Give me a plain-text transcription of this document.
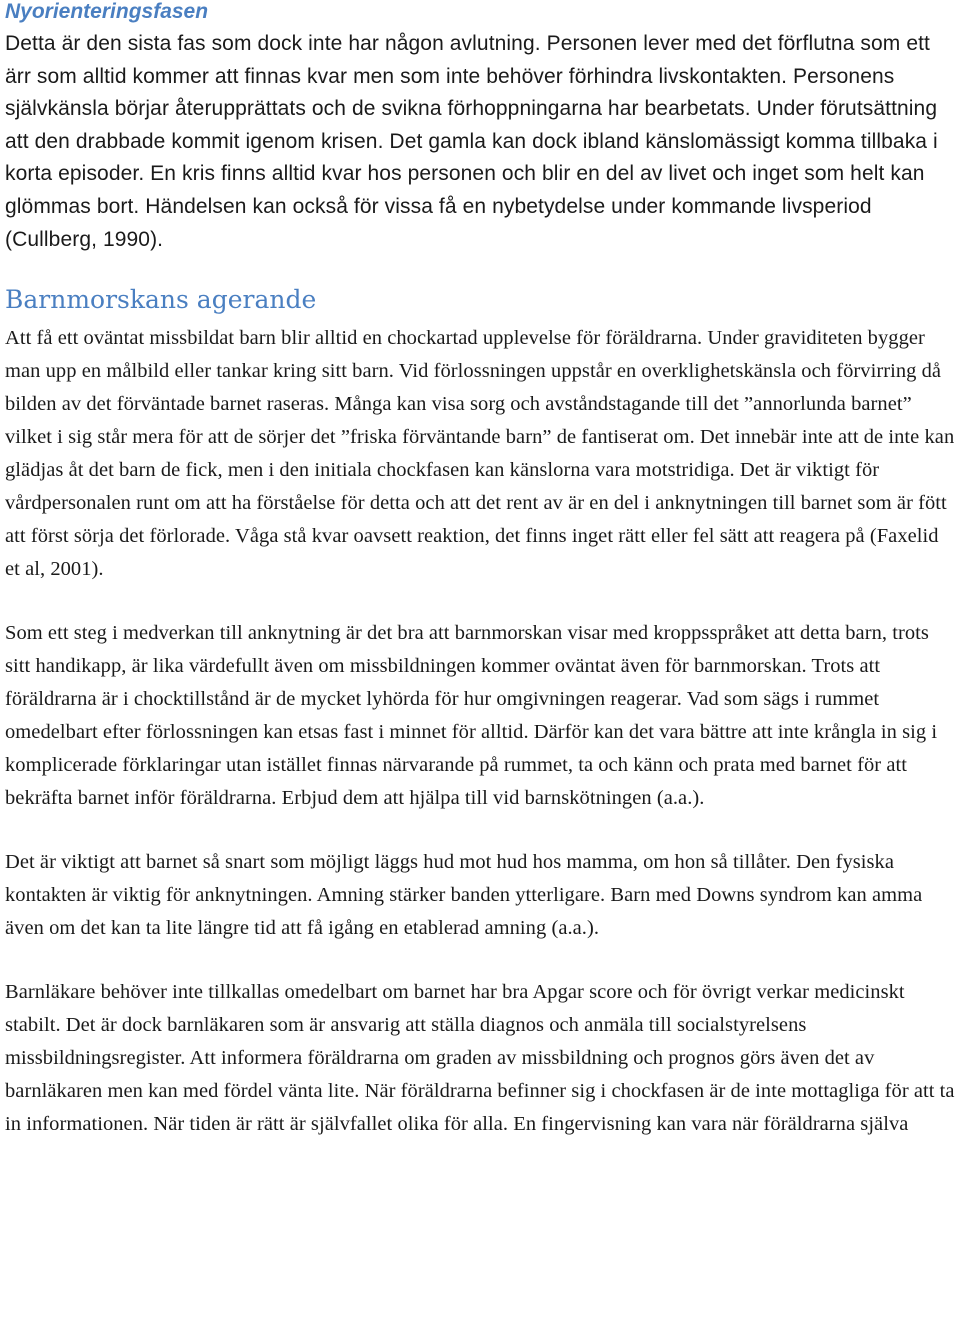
Nyorienteringsfasen

Detta är den sista fas som dock inte har någon avlutning. Personen lever med det förflutna som ett ärr som alltid kommer att finnas kvar men som inte behöver förhindra livskontakten. Personens självkänsla börjar återupprättats och de svikna förhoppningarna har bearbetats. Under förutsättning att den drabbade kommit igenom krisen. Det gamla kan dock ibland känslomässigt komma tillbaka i korta episoder. En kris finns alltid kvar hos personen och blir en del av livet och inget som helt kan glömmas bort. Händelsen kan också för vissa få en nybetydelse under kommande livsperiod (Cullberg, 1990).

Barnmorskans agerande

Att få ett oväntat missbildat barn blir alltid en chockartad upplevelse för föräldrarna. Under graviditeten bygger man upp en målbild eller tankar kring sitt barn. Vid förlossningen uppstår en overklighetskänsla och förvirring då bilden av det förväntade barnet raseras. Många kan visa sorg och avståndstagande till det ”annorlunda barnet” vilket i sig står mera för att de sörjer det ”friska förväntande barn” de fantiserat om. Det innebär inte att de inte kan glädjas åt det barn de fick, men i den initiala chockfasen kan känslorna vara motstridiga. Det är viktigt för vårdpersonalen runt om att ha förståelse för detta och att det rent av är en del i anknytningen till barnet som är fött att först sörja det förlorade. Våga stå kvar oavsett reaktion, det finns inget rätt eller fel sätt att reagera på (Faxelid et al, 2001).

Som ett steg i medverkan till anknytning är det bra att barnmorskan visar med kroppsspråket att detta barn, trots sitt handikapp, är lika värdefullt även om missbildningen kommer oväntat även för barnmorskan. Trots att föräldrarna är i chocktillstånd är de mycket lyhörda för hur omgivningen reagerar. Vad som sägs i rummet omedelbart efter förlossningen kan etsas fast i minnet för alltid. Därför kan det vara bättre att inte krångla in sig i komplicerade förklaringar utan istället finnas närvarande på rummet, ta och känn och prata med barnet för att bekräfta barnet inför föräldrarna. Erbjud dem att hjälpa till vid barnskötningen (a.a.).

Det är viktigt att barnet så snart som möjligt läggs hud mot hud hos mamma, om hon så tillåter. Den fysiska kontakten är viktig för anknytningen. Amning stärker banden ytterligare. Barn med Downs syndrom kan amma även om det kan ta lite längre tid att få igång en etablerad amning (a.a.).

Barnläkare behöver inte tillkallas omedelbart om barnet har bra Apgar score och för övrigt verkar medicinskt stabilt. Det är dock barnläkaren som är ansvarig att ställa diagnos och anmäla till socialstyrelsens missbildningsregister. Att informera föräldrarna om graden av missbildning och prognos görs även det av barnläkaren men kan med fördel vänta lite. När föräldrarna befinner sig i chockfasen är de inte mottagliga för att ta in informationen. När tiden är rätt är självfallet olika för alla. En fingervisning kan vara när föräldrarna själva
